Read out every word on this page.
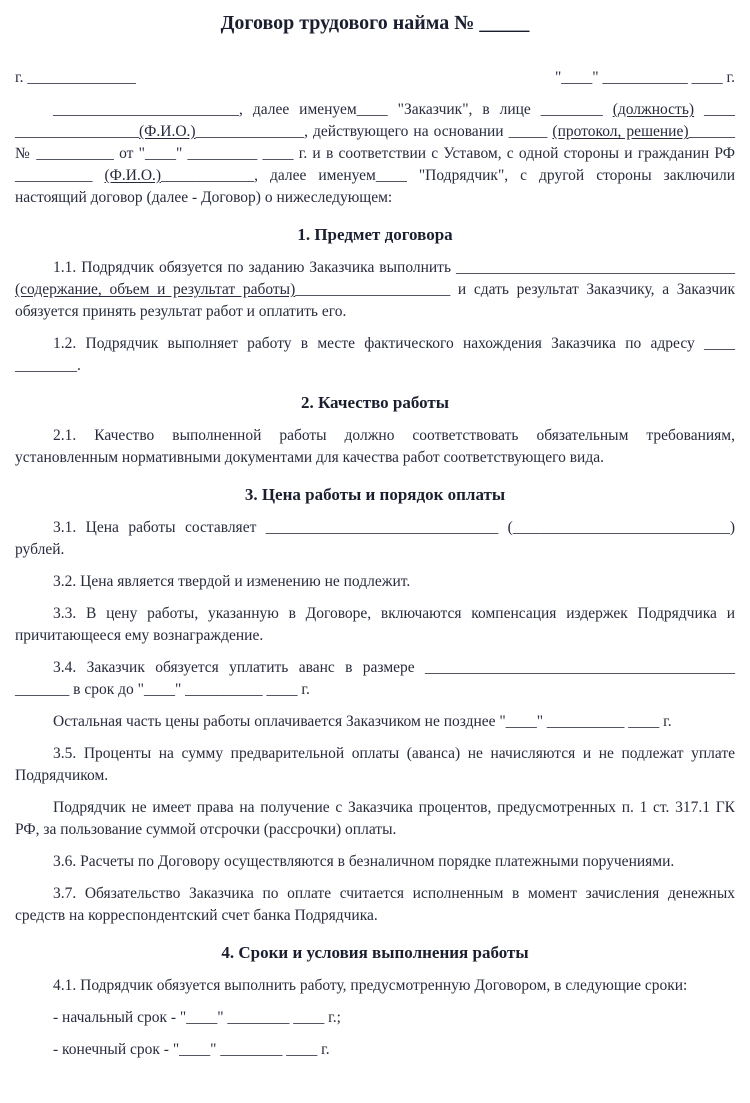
Договор трудового найма № _____
г. ______________	"____" ___________ ____ г.

________________________, далее именуем____ "Заказчик", в лице ________ (должность) ____ ________________(Ф.И.О.)______________, действующего на основании _____ (протокол, решение)______ № __________ от "____" _________ ____ г. и в соответствии с Уставом, с одной стороны и гражданин РФ __________ (Ф.И.О.)____________, далее именуем____ "Подрядчик", с другой стороны заключили настоящий договор (далее - Договор) о нижеследующем:

1. Предмет договора

1.1. Подрядчик обязуется по заданию Заказчика выполнить ____________________________________ (содержание, объем и результат работы)____________________ и сдать результат Заказчику, а Заказчик обязуется принять результат работ и оплатить его.

1.2. Подрядчик выполняет работу в месте фактического нахождения Заказчика по адресу ____ ________.

2. Качество работы

2.1. Качество выполненной работы должно соответствовать обязательным требованиям, установленным нормативными документами для качества работ соответствующего вида.

3. Цена работы и порядок оплаты

3.1. Цена работы составляет ______________________________ (____________________________) рублей.

3.2. Цена является твердой и изменению не подлежит.

3.3. В цену работы, указанную в Договоре, включаются компенсация издержек Подрядчика и причитающееся ему вознаграждение.

3.4. Заказчик обязуется уплатить аванс в размере ________________________________________ _______ в срок до "____" __________ ____ г.

Остальная часть цены работы оплачивается Заказчиком не позднее "____" __________ ____ г.

3.5. Проценты на сумму предварительной оплаты (аванса) не начисляются и не подлежат уплате Подрядчиком.

Подрядчик не имеет права на получение с Заказчика процентов, предусмотренных п. 1 ст. 317.1 ГК РФ, за пользование суммой отсрочки (рассрочки) оплаты.

3.6. Расчеты по Договору осуществляются в безналичном порядке платежными поручениями.

3.7. Обязательство Заказчика по оплате считается исполненным в момент зачисления денежных средств на корреспондентский счет банка Подрядчика.

4. Сроки и условия выполнения работы

4.1. Подрядчик обязуется выполнить работу, предусмотренную Договором, в следующие сроки:

- начальный срок - "____" ________ ____ г.;

- конечный срок - "____" ________ ____ г.
